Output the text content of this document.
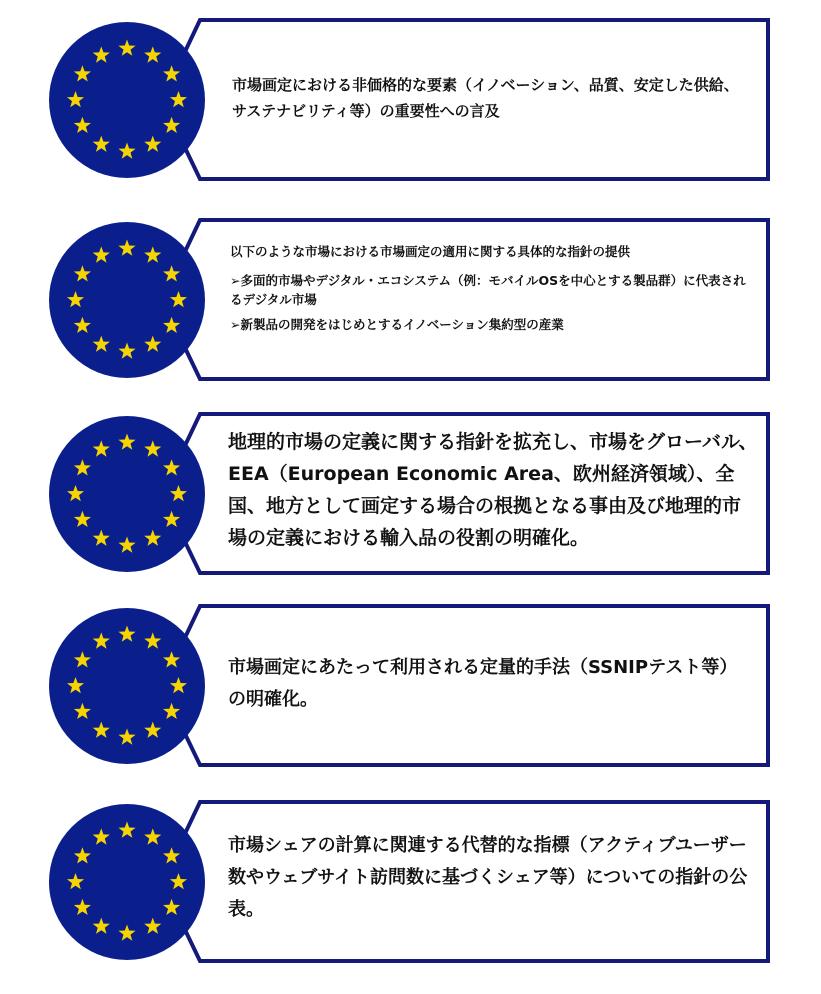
市場画定における非価格的な要素（イノベーション、品質、安定した供給、サステナビリティ等）の重要性への言及
以下のような市場における市場画定の適用に関する具体的な指針の提供
➢多面的市場やデジタル・エコシステム（例：モバイルOSを中心とする製品群）に代表されるデジタル市場
➢新製品の開発をはじめとするイノベーション集約型の産業
地理的市場の定義に関する指針を拡充し、市場をグローバル、EEA（European Economic Area、欧州経済領域）、全国、地方として画定する場合の根拠となる事由及び地理的市場の定義における輸入品の役割の明確化。
市場画定にあたって利用される定量的手法（SSNIPテスト等）の明確化。
市場シェアの計算に関連する代替的な指標（アクティブユーザー数やウェブサイト訪問数に基づくシェア等）についての指針の公表。
